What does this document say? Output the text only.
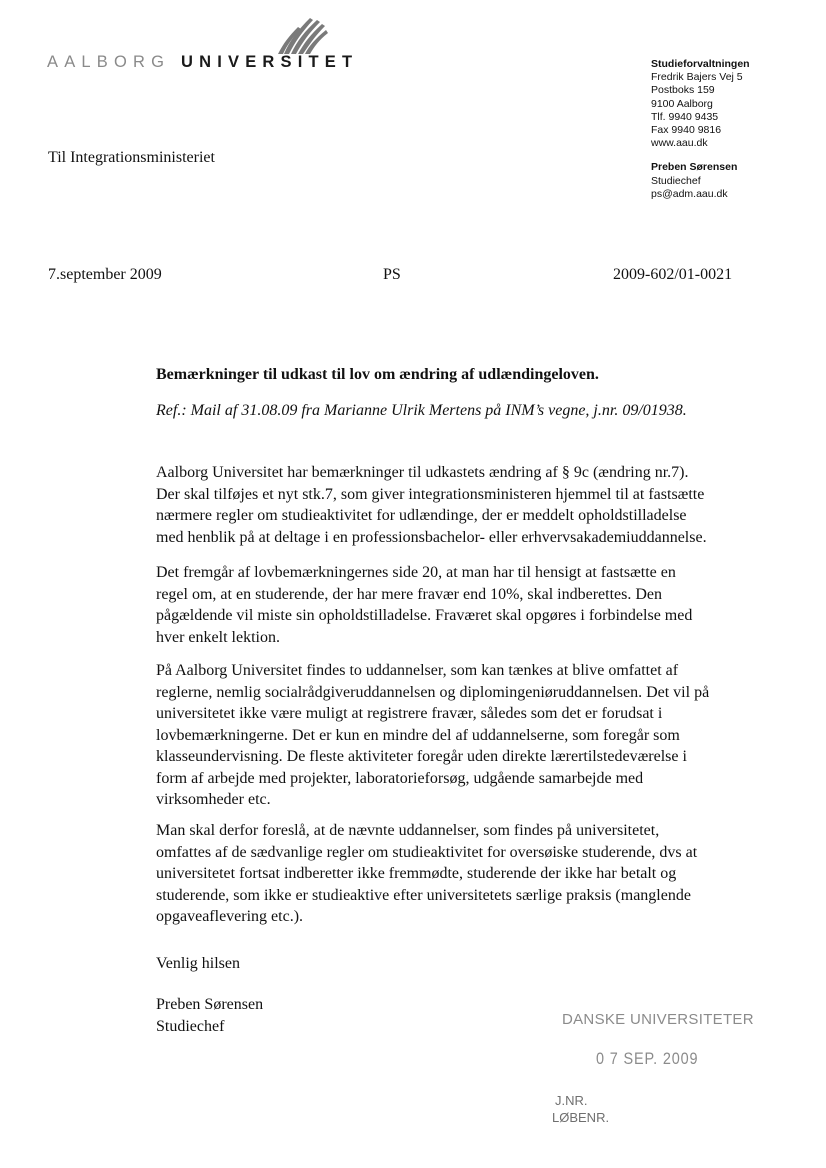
AALBORG UNIVERSITET	Studieforvaltningen
Fredrik Bajers Vej 5
Postboks 159
9100 Aalborg
Tlf. 9940 9435
Fax 9940 9816
www.aau.dk
Preben Sørensen
Studiechef
ps@adm.aau.dk
Til Integrationsministeriet
7.september 2009	PS	2009-602/01-0021
Bemærkninger til udkast til lov om ændring af udlændingeloven.
Ref.: Mail af 31.08.09 fra Marianne Ulrik Mertens på INM’s vegne, j.nr. 09/01938.
Aalborg Universitet har bemærkninger til udkastets ændring af § 9c (ændring nr.7).
Der skal tilføjes et nyt stk.7, som giver integrationsministeren hjemmel til at fastsætte
nærmere regler om studieaktivitet for udlændinge, der er meddelt opholdstilladelse
med henblik på at deltage i en professionsbachelor- eller erhvervsakademiuddannelse.
Det fremgår af lovbemærkningernes side 20, at man har til hensigt at fastsætte en
regel om, at en studerende, der har mere fravær end 10%, skal indberettes. Den
pågældende vil miste sin opholdstilladelse. Fraværet skal opgøres i forbindelse med
hver enkelt lektion.
På Aalborg Universitet findes to uddannelser, som kan tænkes at blive omfattet af
reglerne, nemlig socialrådgiveruddannelsen og diplomingeniøruddannelsen. Det vil på
universitetet ikke være muligt at registrere fravær, således som det er forudsat i
lovbemærkningerne. Det er kun en mindre del af uddannelserne, som foregår som
klasseundervisning. De fleste aktiviteter foregår uden direkte lærertilstedeværelse i
form af arbejde med projekter, laboratorieforsøg, udgående samarbejde med
virksomheder etc.
Man skal derfor foreslå, at de nævnte uddannelser, som findes på universitetet,
omfattes af de sædvanlige regler om studieaktivitet for oversøiske studerende, dvs at
universitetet fortsat indberetter ikke fremmødte, studerende der ikke har betalt og
studerende, som ikke er studieaktive efter universitetets særlige praksis (manglende
opgaveaflevering etc.).
Venlig hilsen
Preben Sørensen
Studiechef	DANSKE UNIVERSITETER
0 7 SEP. 2009
J.NR.
LØBENR.
